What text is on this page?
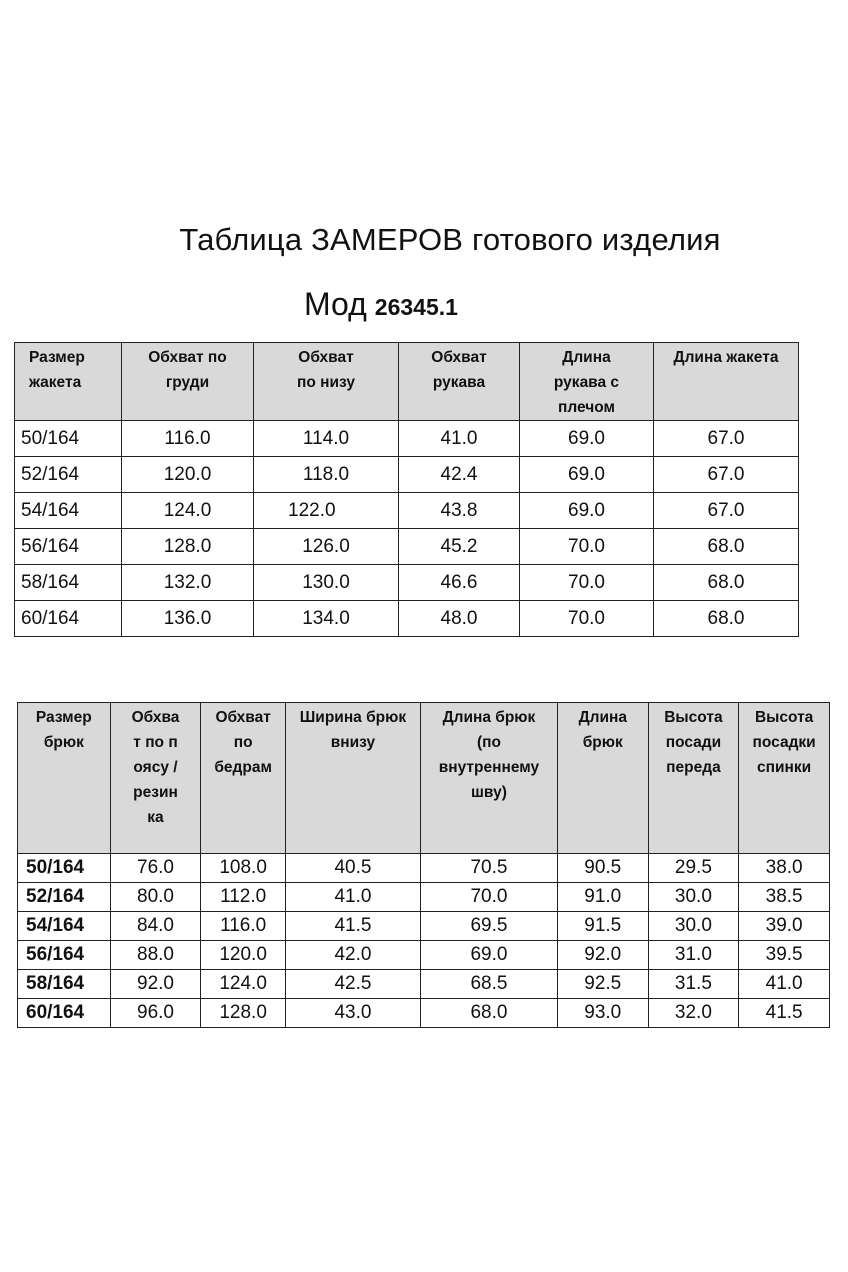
Таблица ЗАМЕРОВ готового изделия
Мод 26345.1
Размер жакета	Обхват по груди	Обхват по низу	Обхват рукава	Длина рукава с плечом	Длина жакета
50/164	116.0	114.0	41.0	69.0	67.0
52/164	120.0	118.0	42.4	69.0	67.0
54/164	124.0	122.0	43.8	69.0	67.0
56/164	128.0	126.0	45.2	70.0	68.0
58/164	132.0	130.0	46.6	70.0	68.0
60/164	136.0	134.0	48.0	70.0	68.0
Размер брюк	Обхват по поясу / резинка	Обхват по бедрам	Ширина брюк внизу	Длина брюк (по внутреннему шву)	Длина брюк	Высота посади переда	Высота посадки спинки
50/164	76.0	108.0	40.5	70.5	90.5	29.5	38.0
52/164	80.0	112.0	41.0	70.0	91.0	30.0	38.5
54/164	84.0	116.0	41.5	69.5	91.5	30.0	39.0
56/164	88.0	120.0	42.0	69.0	92.0	31.0	39.5
58/164	92.0	124.0	42.5	68.5	92.5	31.5	41.0
60/164	96.0	128.0	43.0	68.0	93.0	32.0	41.5
